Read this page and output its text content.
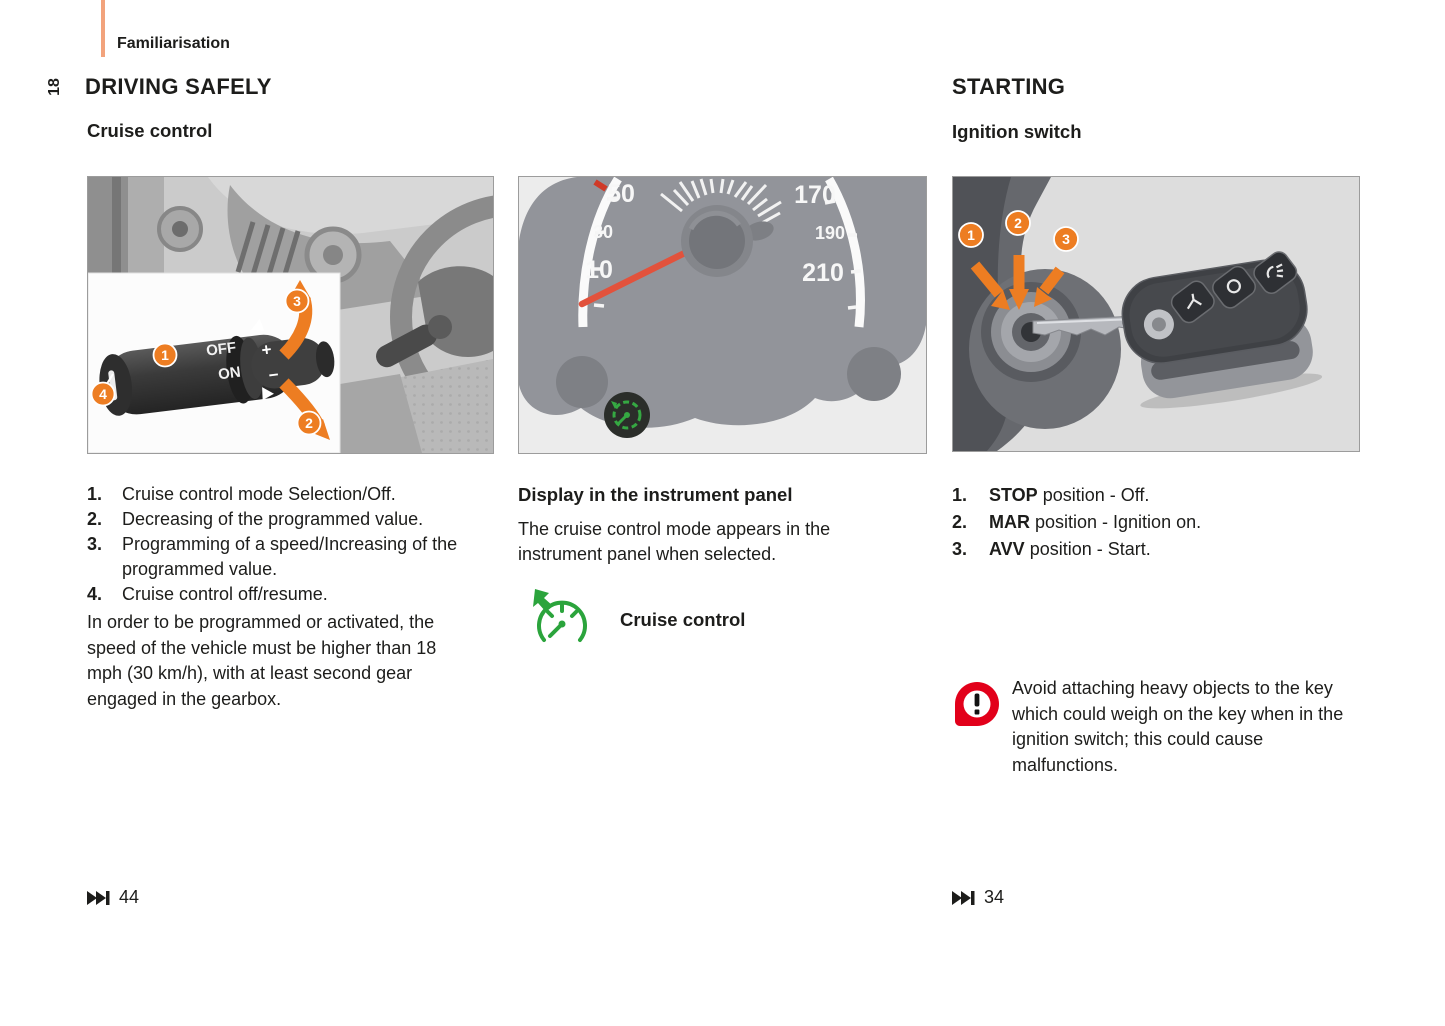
Familiarisation
18 DRIVING SAFELY
Cruise control
STARTING
Ignition switch
OFF
ON
+
−
1
4
3
2
50
30
10
170
190
210
1
2
3
1.	Cruise control mode Selection/Off.
2.	Decreasing of the programmed value.
3.	Programming of a speed/Increasing of the programmed value.
4.	Cruise control off/resume.
In order to be programmed or activated, the speed of the vehicle must be higher than 18 mph (30 km/h), with at least second gear engaged in the gearbox.
Display in the instrument panel
The cruise control mode appears in the instrument panel when selected.
Cruise control
1.	STOP position - Off.
2.	MAR position - Ignition on.
3.	AVV position - Start.
Avoid attaching heavy objects to the key which could weigh on the key when in the ignition switch; this could cause malfunctions.
44	34
